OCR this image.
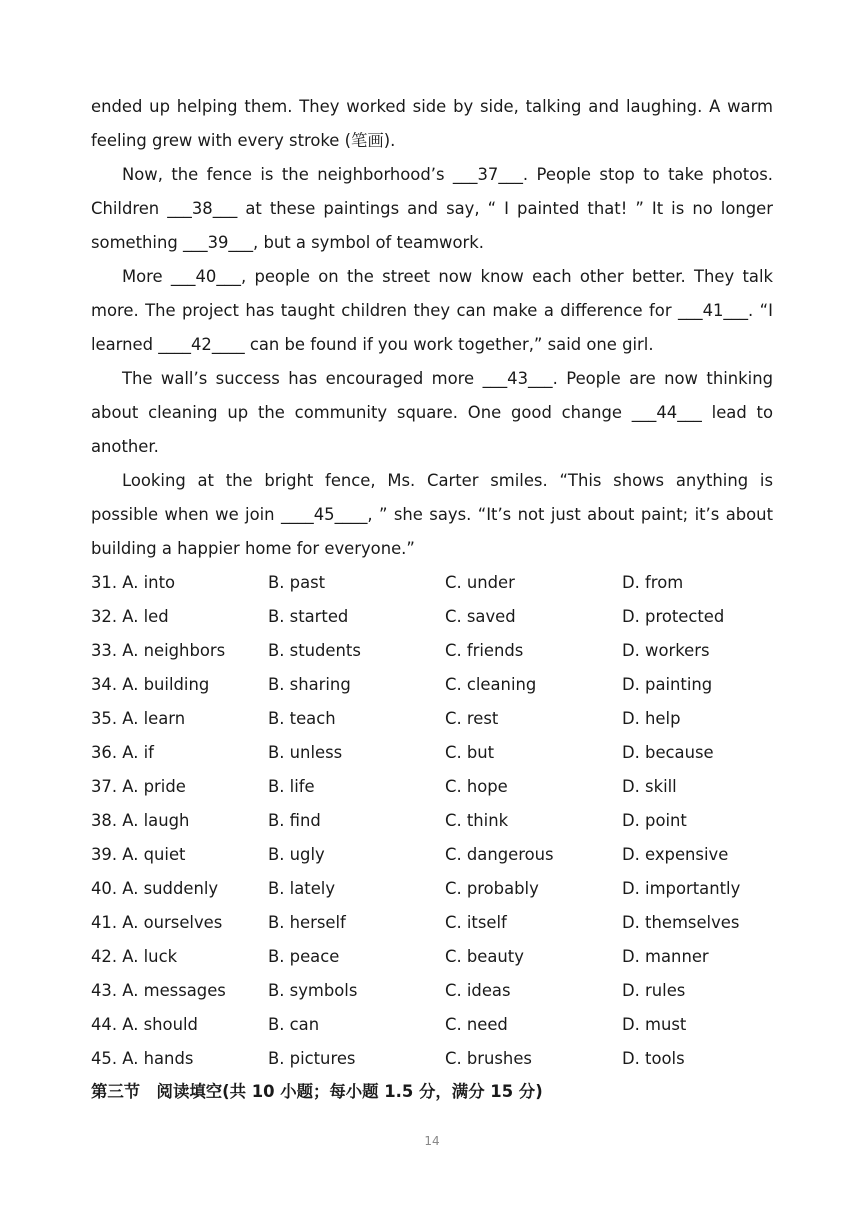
ended up helping them. They worked side by side, talking and laughing. A warm feeling grew with every stroke (笔画).

Now, the fence is the neighborhoodʼs ___37___. People stop to take photos. Children ___38___ at these paintings and say, “ I painted that! ” It is no longer something ___39___, but a symbol of teamwork.

More ___40___, people on the street now know each other better. They talk more. The project has taught children they can make a difference for ___41___. “I learned ____42____ can be found if you work together,” said one girl.

The wallʼs success has encouraged more ___43___. People are now thinking about cleaning up the community square. One good change ___44___ lead to another.

Looking at the bright fence, Ms. Carter smiles. “This shows anything is possible when we join ____45____, ” she says. “Itʼs not just about paint; itʼs about building a happier home for everyone.”

31. A. into	B. past	C. under	D. from
32. A. led	B. started	C. saved	D. protected
33. A. neighbors	B. students	C. friends	D. workers
34. A. building	B. sharing	C. cleaning	D. painting
35. A. learn	B. teach	C. rest	D. help
36. A. if	B. unless	C. but	D. because
37. A. pride	B. life	C. hope	D. skill
38. A. laugh	B. find	C. think	D. point
39. A. quiet	B. ugly	C. dangerous	D. expensive
40. A. suddenly	B. lately	C. probably	D. importantly
41. A. ourselves	B. herself	C. itself	D. themselves
42. A. luck	B. peace	C. beauty	D. manner
43. A. messages	B. symbols	C. ideas	D. rules
44. A. should	B. can	C. need	D. must
45. A. hands	B. pictures	C. brushes	D. tools
第三节　阅读填空(共 10 小题；每小题 1.5 分，满分 15 分)
14
